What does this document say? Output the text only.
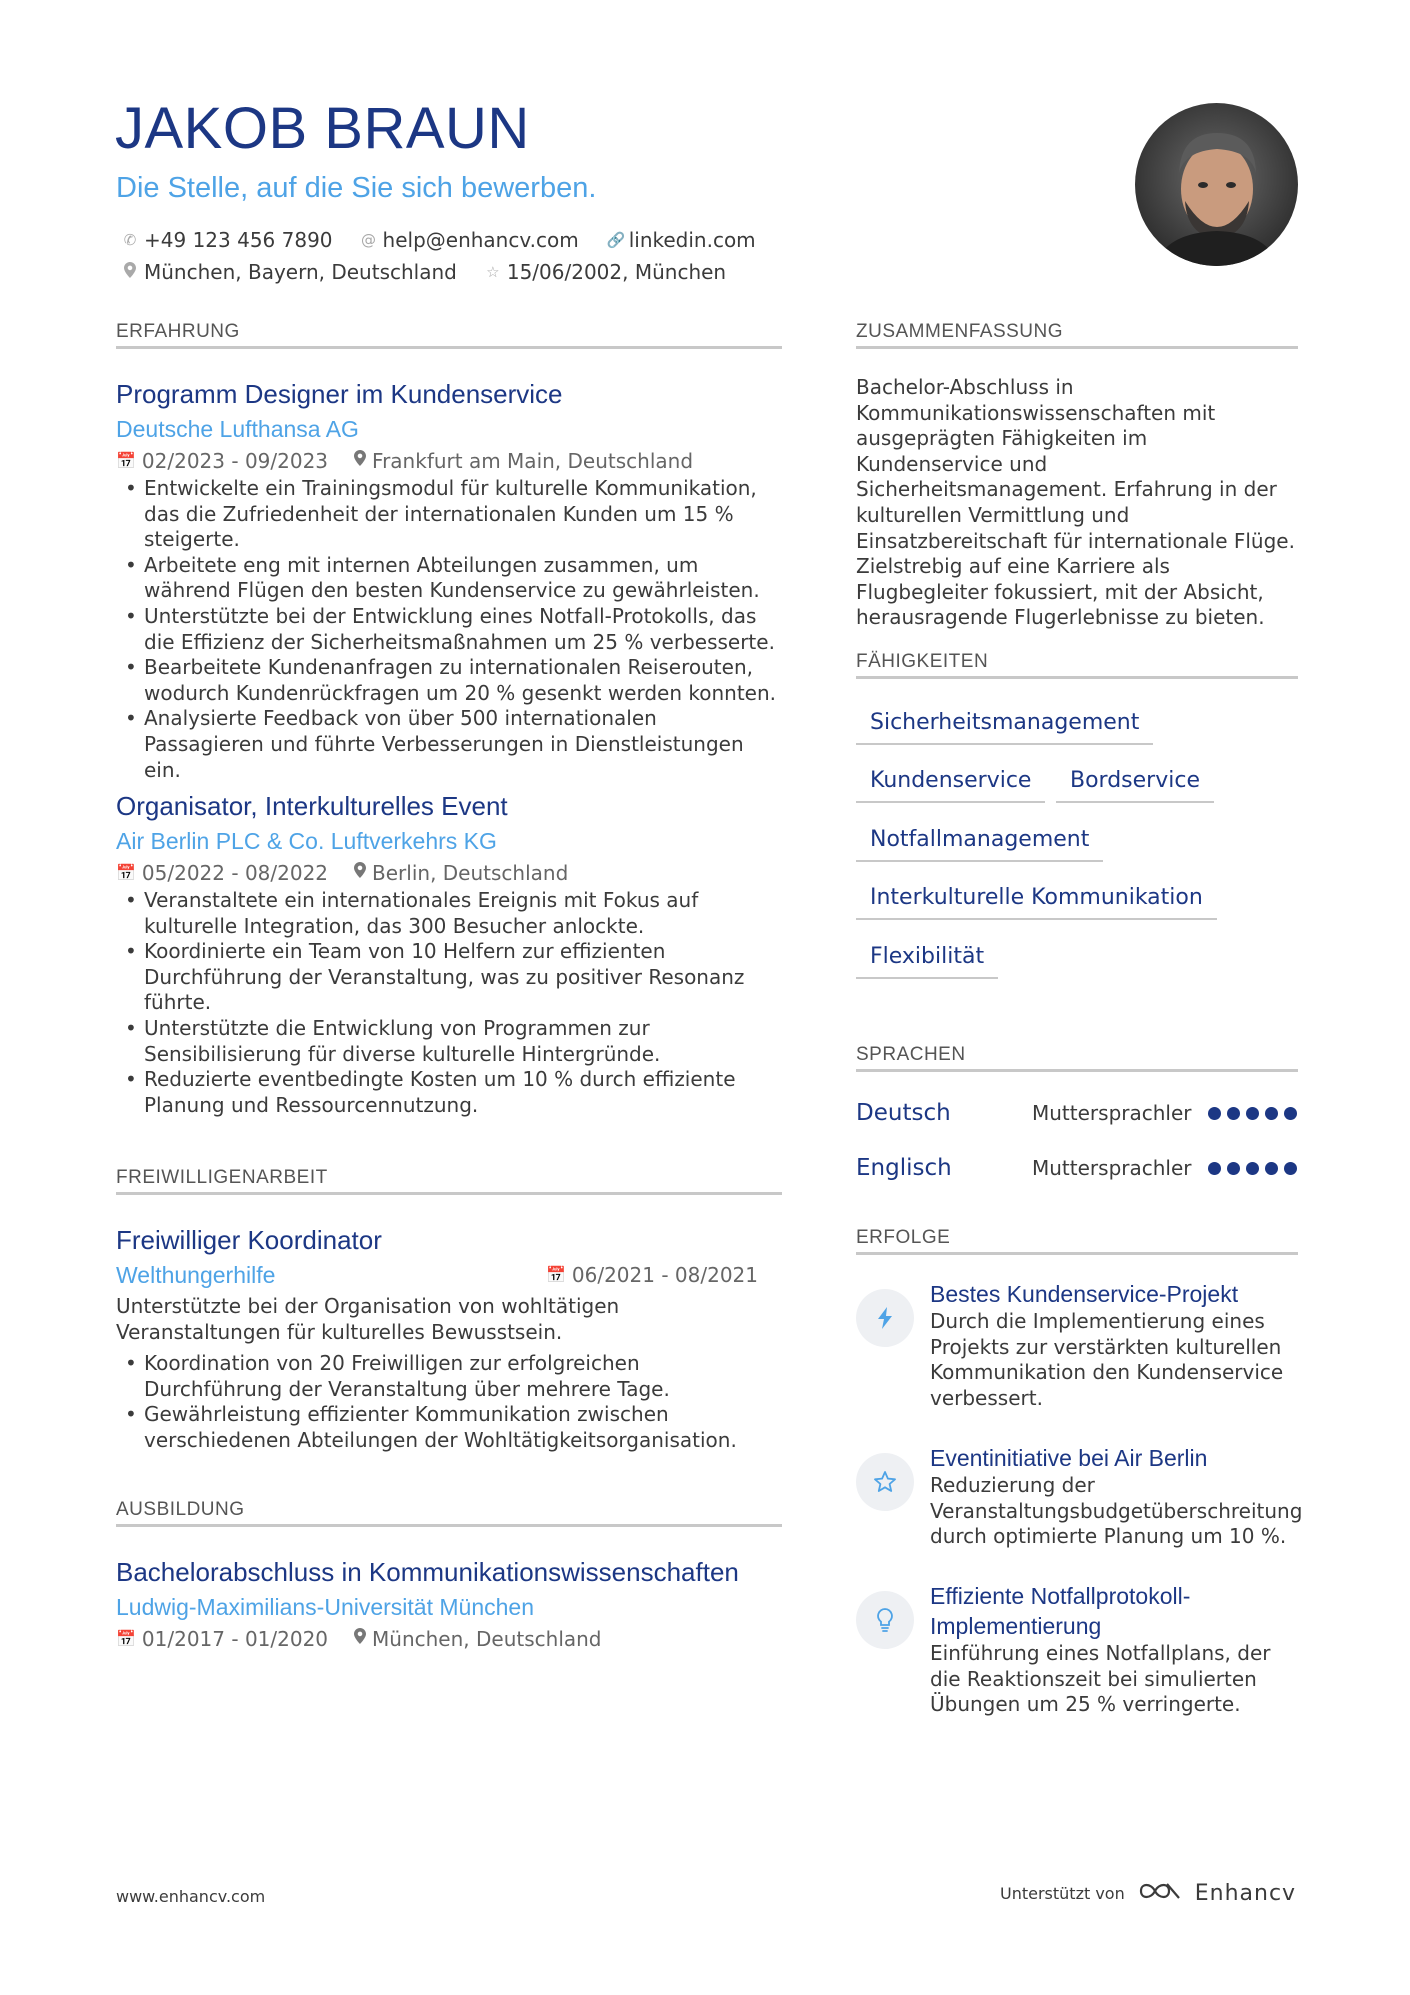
JAKOB BRAUN
Die Stelle, auf die Sie sich bewerben.
✆ +49 123 456 7890 @ help@enhancv.com 🔗 linkedin.com
München, Bayern, Deutschland ☆ 15/06/2002, München
ERFAHRUNG
Programm Designer im Kundenservice
Deutsche Lufthansa AG
📅 02/2023 - 09/2023 Frankfurt am Main, Deutschland
• Entwickelte ein Trainingsmodul für kulturelle Kommunikation, das die Zufriedenheit der internationalen Kunden um 15 % steigerte.
• Arbeitete eng mit internen Abteilungen zusammen, um während Flügen den besten Kundenservice zu gewährleisten.
• Unterstützte bei der Entwicklung eines Notfall-Protokolls, das die Effizienz der Sicherheitsmaßnahmen um 25 % verbesserte.
• Bearbeitete Kundenanfragen zu internationalen Reiserouten, wodurch Kundenrückfragen um 20 % gesenkt werden konnten.
• Analysierte Feedback von über 500 internationalen Passagieren und führte Verbesserungen in Dienstleistungen ein.
Organisator, Interkulturelles Event
Air Berlin PLC & Co. Luftverkehrs KG
📅 05/2022 - 08/2022 Berlin, Deutschland
• Veranstaltete ein internationales Ereignis mit Fokus auf kulturelle Integration, das 300 Besucher anlockte.
• Koordinierte ein Team von 10 Helfern zur effizienten Durchführung der Veranstaltung, was zu positiver Resonanz führte.
• Unterstützte die Entwicklung von Programmen zur Sensibilisierung für diverse kulturelle Hintergründe.
• Reduzierte eventbedingte Kosten um 10 % durch effiziente Planung und Ressourcennutzung.
FREIWILLIGENARBEIT
Freiwilliger Koordinator
Welthungerhilfe	📅 06/2021 - 08/2021
Unterstützte bei der Organisation von wohltätigen Veranstaltungen für kulturelles Bewusstsein.
• Koordination von 20 Freiwilligen zur erfolgreichen Durchführung der Veranstaltung über mehrere Tage.
• Gewährleistung effizienter Kommunikation zwischen verschiedenen Abteilungen der Wohltätigkeitsorganisation.
AUSBILDUNG
Bachelorabschluss in Kommunikationswissenschaften
Ludwig-Maximilians-Universität München
📅 01/2017 - 01/2020 München, Deutschland
ZUSAMMENFASSUNG
Bachelor-Abschluss in Kommunikationswissenschaften mit ausgeprägten Fähigkeiten im Kundenservice und Sicherheitsmanagement. Erfahrung in der kulturellen Vermittlung und Einsatzbereitschaft für internationale Flüge. Zielstrebig auf eine Karriere als Flugbegleiter fokussiert, mit der Absicht, herausragende Flugerlebnisse zu bieten.
FÄHIGKEITEN
Sicherheitsmanagement
Kundenservice	Bordservice
Notfallmanagement
Interkulturelle Kommunikation
Flexibilität
SPRACHEN
Deutsch	Muttersprachler
Englisch	Muttersprachler
ERFOLGE
Bestes Kundenservice-Projekt
Durch die Implementierung eines Projekts zur verstärkten kulturellen Kommunikation den Kundenservice verbessert.
Eventinitiative bei Air Berlin
Reduzierung der Veranstaltungsbudgetüberschreitung durch optimierte Planung um 10 %.
Effiziente Notfallprotokoll-Implementierung
Einführung eines Notfallplans, der die Reaktionszeit bei simulierten Übungen um 25 % verringerte.
www.enhancv.com	Unterstützt von	Enhancv
